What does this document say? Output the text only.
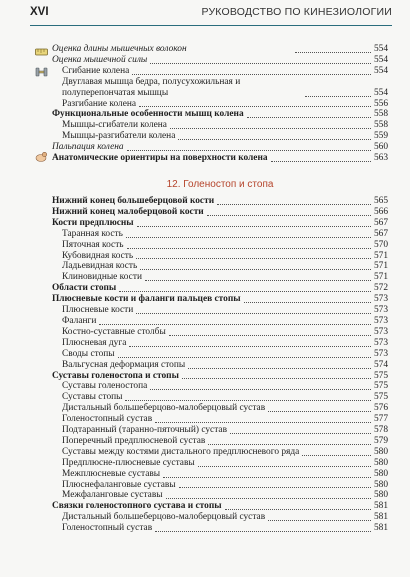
XVI	РУКОВОДСТВО ПО КИНЕЗИОЛОГИИ
Оценка длины мышечных волокон	554
Оценка мышечной силы	554
Сгибание колена	554
Двуглавая мышца бедра, полусухожильная и полуперепончатая мышцы	554
Разгибание колена	556
Функциональные особенности мышц колена	558
Мышцы-сгибатели колена	558
Мышцы-разгибатели колена	559
Пальпация колена	560
Анатомические ориентиры на поверхности колена	563
12. Голеностоп и стопа
Нижний конец большеберцовой кости	565
Нижний конец малоберцовой кости	566
Кости предплюсны	567
Таранная кость	567
Пяточная кость	570
Кубовидная кость	571
Ладьевидная кость	571
Клиновидные кости	571
Области стопы	572
Плюсневые кости и фаланги пальцев стопы	573
Плюсневые кости	573
Фаланги	573
Костно-суставные столбы	573
Плюсневая дуга	573
Своды стопы	573
Вальгусная деформация стопы	574
Суставы голеностопа и стопы	575
Суставы голеностопа	575
Суставы стопы	575
Дистальный большеберцово-малоберцовый сустав	576
Голеностопный сустав	577
Подтаранный (таранно-пяточный) сустав	578
Поперечный предплюсневой сустав	579
Суставы между костями дистального предплюсневого ряда	580
Предплюсне-плюсневые суставы	580
Межплюсневые суставы	580
Плюснефаланговые суставы	580
Межфаланговые суставы	580
Связки голеностопного сустава и стопы	581
Дистальный большеберцово-малоберцовый сустав	581
Голеностопный сустав	581
